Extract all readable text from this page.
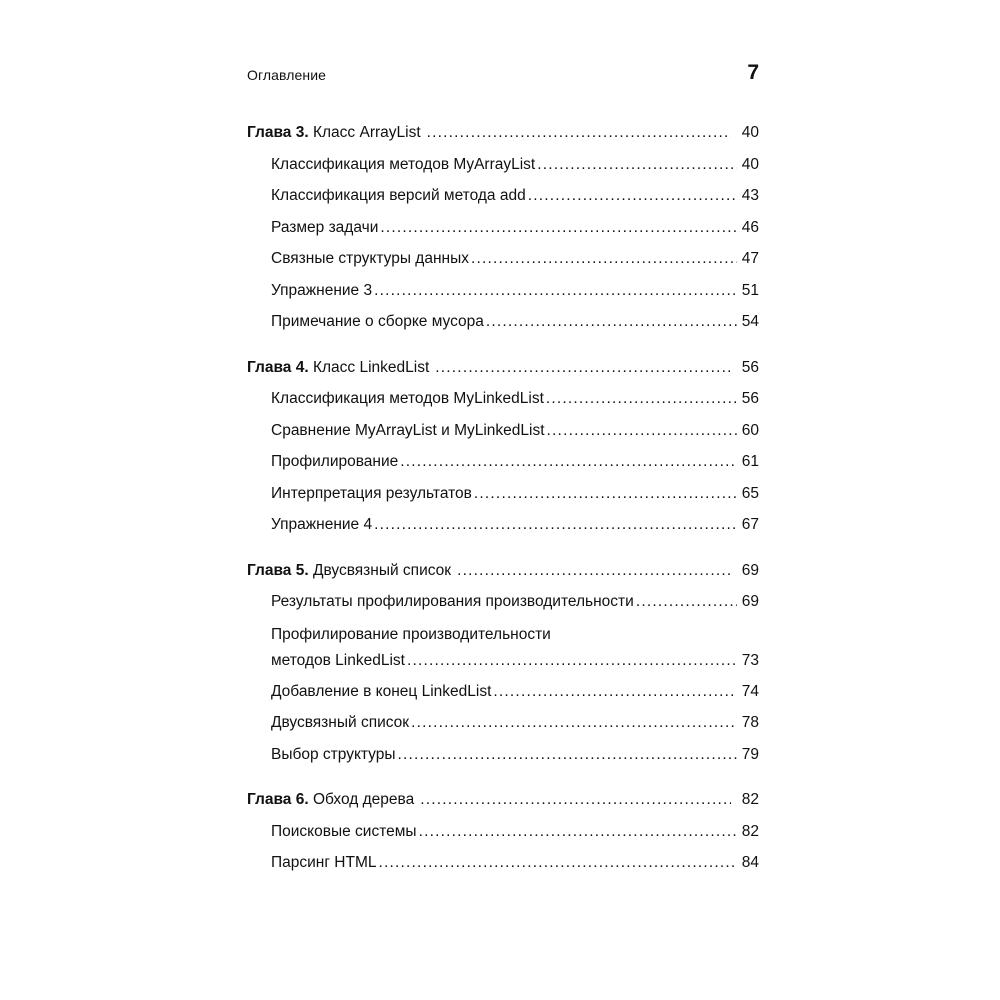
Оглавление	7
Глава 3. Класс ArrayList .....	40
Классификация методов MyArrayList .....	40
Классификация версий метода add .....	43
Размер задачи .....	46
Связные структуры данных .....	47
Упражнение 3 .....	51
Примечание о сборке мусора .....	54
Глава 4. Класс LinkedList .....	56
Классификация методов MyLinkedList .....	56
Сравнение MyArrayList и MyLinkedList .....	60
Профилирование .....	61
Интерпретация результатов .....	65
Упражнение 4 .....	67
Глава 5. Двусвязный список .....	69
Результаты профилирования производительности .....	69
Профилирование производительности
методов LinkedList .....	73
Добавление в конец LinkedList .....	74
Двусвязный список .....	78
Выбор структуры .....	79
Глава 6. Обход дерева .....	82
Поисковые системы .....	82
Парсинг HTML .....	84
